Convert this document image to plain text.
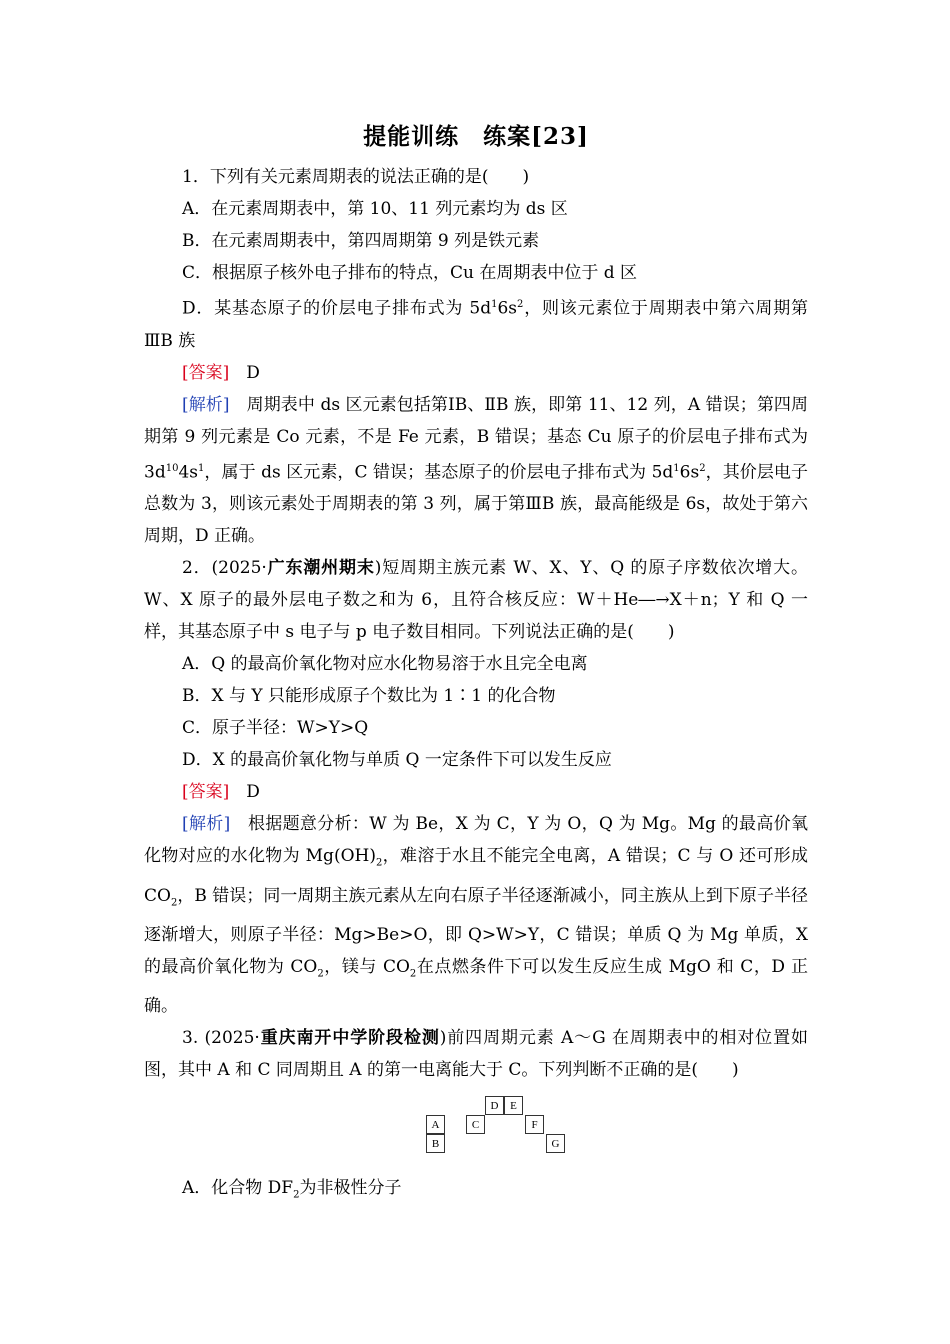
提能训练　练案[23]
1．下列有关元素周期表的说法正确的是(　　)
A．在元素周期表中，第 10、11 列元素均为 ds 区
B．在元素周期表中，第四周期第 9 列是铁元素
C．根据原子核外电子排布的特点，Cu 在周期表中位于 d 区
D．某基态原子的价层电子排布式为 $5d^16s^2$，则该元素位于周期表中第六周期第ⅢB 族
[答案]　 D
[解析]　 周期表中 ds 区元素包括第ⅠB、ⅡB 族，即第 11、12 列，A 错误；第四周期第 9 列元素是 Co 元素，不是 Fe 元素，B 错误；基态 Cu 原子的价层电子排布式为 $3d^{10}4s^1$，属于 ds 区元素，C 错误；基态原子的价层电子排布式为 $5d^16s^2$，其价层电子总数为 3，则该元素处于周期表的第 3 列，属于第ⅢB 族，最高能级是 6s，故处于第六周期，D 正确。
2．(2025·广东潮州期末)短周期主族元素 W、X、Y、Q 的原子序数依次增大。W、X 原子的最外层电子数之和为 6，且符合核反应：W＋He―→X＋n；Y 和 Q 一样，其基态原子中 s 电子与 p 电子数目相同。下列说法正确的是(　　)
A．Q 的最高价氧化物对应水化物易溶于水且完全电离
B．X 与 Y 只能形成原子个数比为 1∶1 的化合物
C．原子半径：W>Y>Q
D．X 的最高价氧化物与单质 Q 一定条件下可以发生反应
[答案]　 D
[解析]　 根据题意分析：W 为 Be，X 为 C，Y 为 O，Q 为 Mg。Mg 的最高价氧化物对应的水化物为 $Mg(OH)_2$，难溶于水且不能完全电离，A 错误；C 与 O 还可形成 $CO_2$，B 错误；同一周期主族元素从左向右原子半径逐渐减小，同主族从上到下原子半径逐渐增大，则原子半径：Mg>Be>O，即 Q>W>Y，C 错误；单质 Q 为 Mg 单质，X 的最高价氧化物为 $CO_2$，镁与 $CO_2$在点燃条件下可以发生反应生成 MgO 和 C，D 正确。
3. (2025·重庆南开中学阶段检测)前四周期元素 A～G 在周期表中的相对位置如图，其中 A 和 C 同周期且 A 的第一电离能大于 C。下列判断不正确的是(　　)
A
B
C
D	E
F
G
A．化合物 $DF_2$为非极性分子
